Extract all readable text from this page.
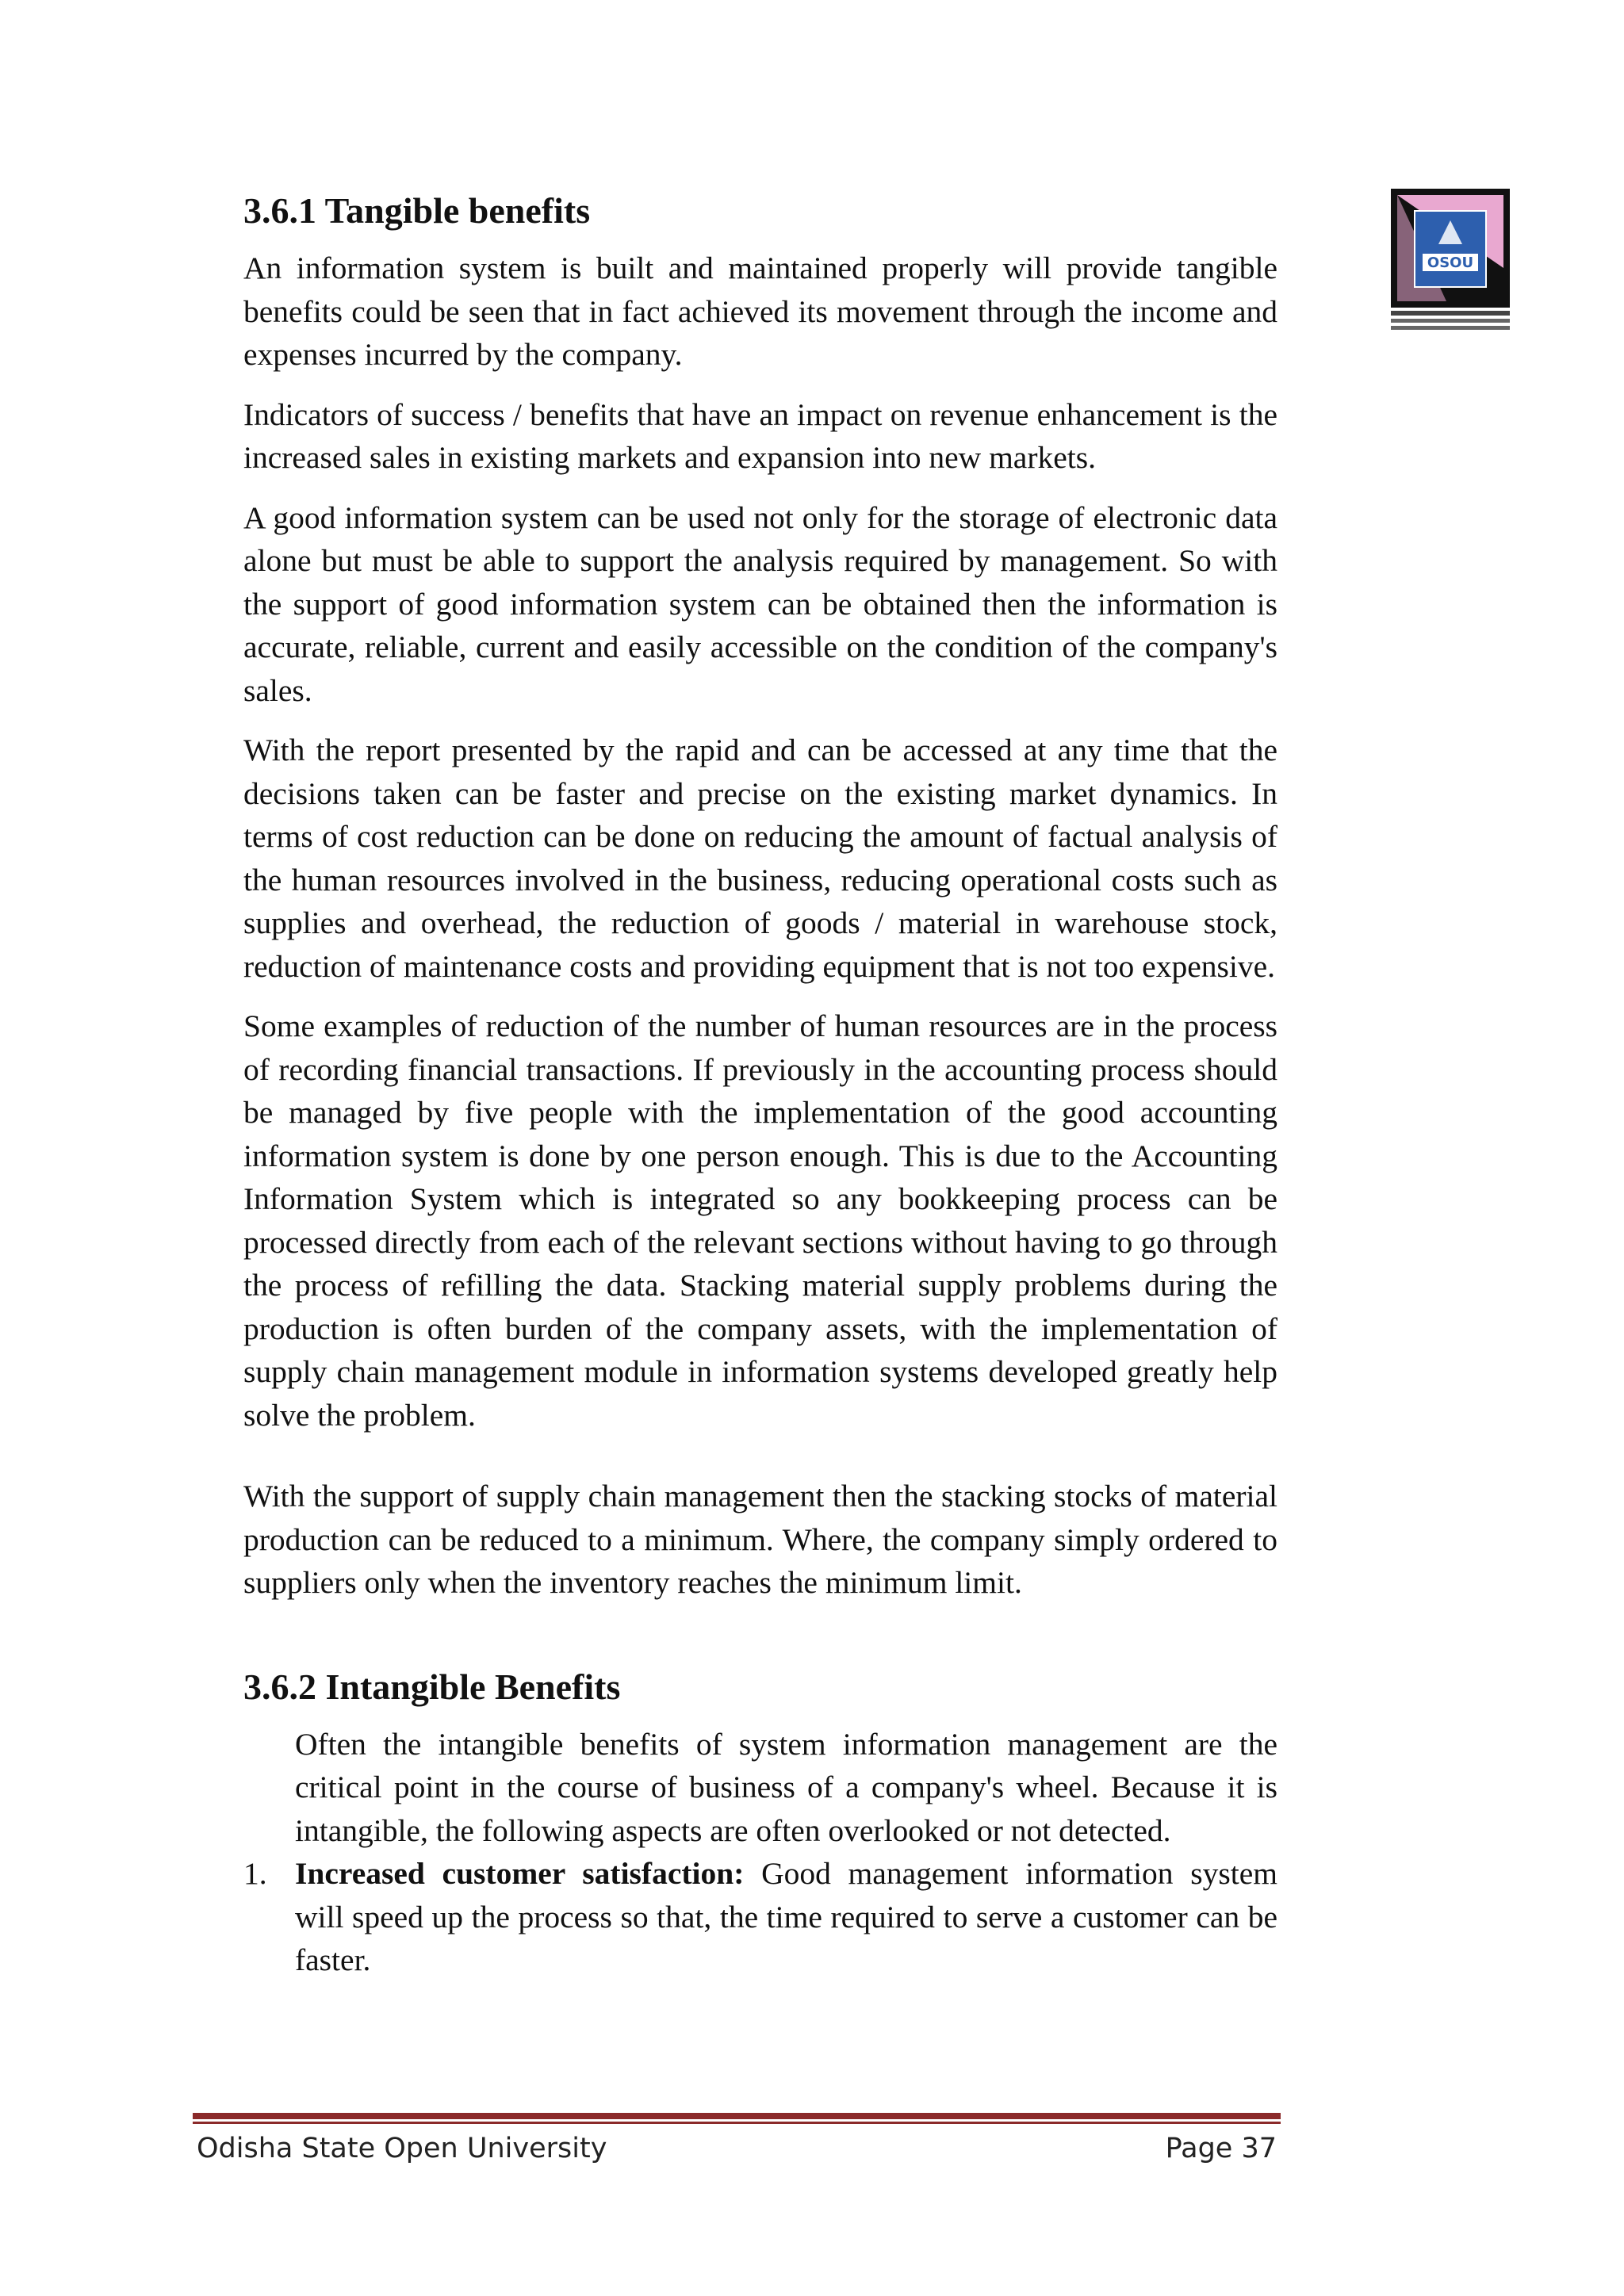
OSOU
3.6.1 Tangible benefits

An information system is built and maintained properly will provide tangible benefits could be seen that in fact achieved its movement through the income and expenses incurred by the company.

Indicators of success / benefits that have an impact on revenue enhancement is the increased sales in existing markets and expansion into new markets.

A good information system can be used not only for the storage of electronic data alone but must be able to support the analysis required by management. So with the support of good information system can be obtained then the information is accurate, reliable, current and easily accessible on the condition of the company's sales.

With the report presented by the rapid and can be accessed at any time that the decisions taken can be faster and precise on the existing market dynamics. In terms of cost reduction can be done on reducing the amount of factual analysis of the human resources involved in the business, reducing operational costs such as supplies and overhead, the reduction of goods / material in warehouse stock, reduction of maintenance costs and providing equipment that is not too expensive.

Some examples of reduction of the number of human resources are in the process of recording financial transactions. If previously in the accounting process should be managed by five people with the implementation of the good accounting information system is done by one person enough. This is due to the Accounting Information System which is integrated so any bookkeeping process can be processed directly from each of the relevant sections without having to go through the process of refilling the data. Stacking material supply problems during the production is often burden of the company assets, with the implementation of supply chain management module in information systems developed greatly help solve the problem.

With the support of supply chain management then the stacking stocks of material production can be reduced to a minimum. Where, the company simply ordered to suppliers only when the inventory reaches the minimum limit.

3.6.2 Intangible Benefits

Often the intangible benefits of system information management are the critical point in the course of business of a company's wheel. Because it is intangible, the following aspects are often overlooked or not detected.

1. Increased customer satisfaction: Good management information system will speed up the process so that, the time required to serve a customer can be faster.

Odisha State Open University	Page 37
